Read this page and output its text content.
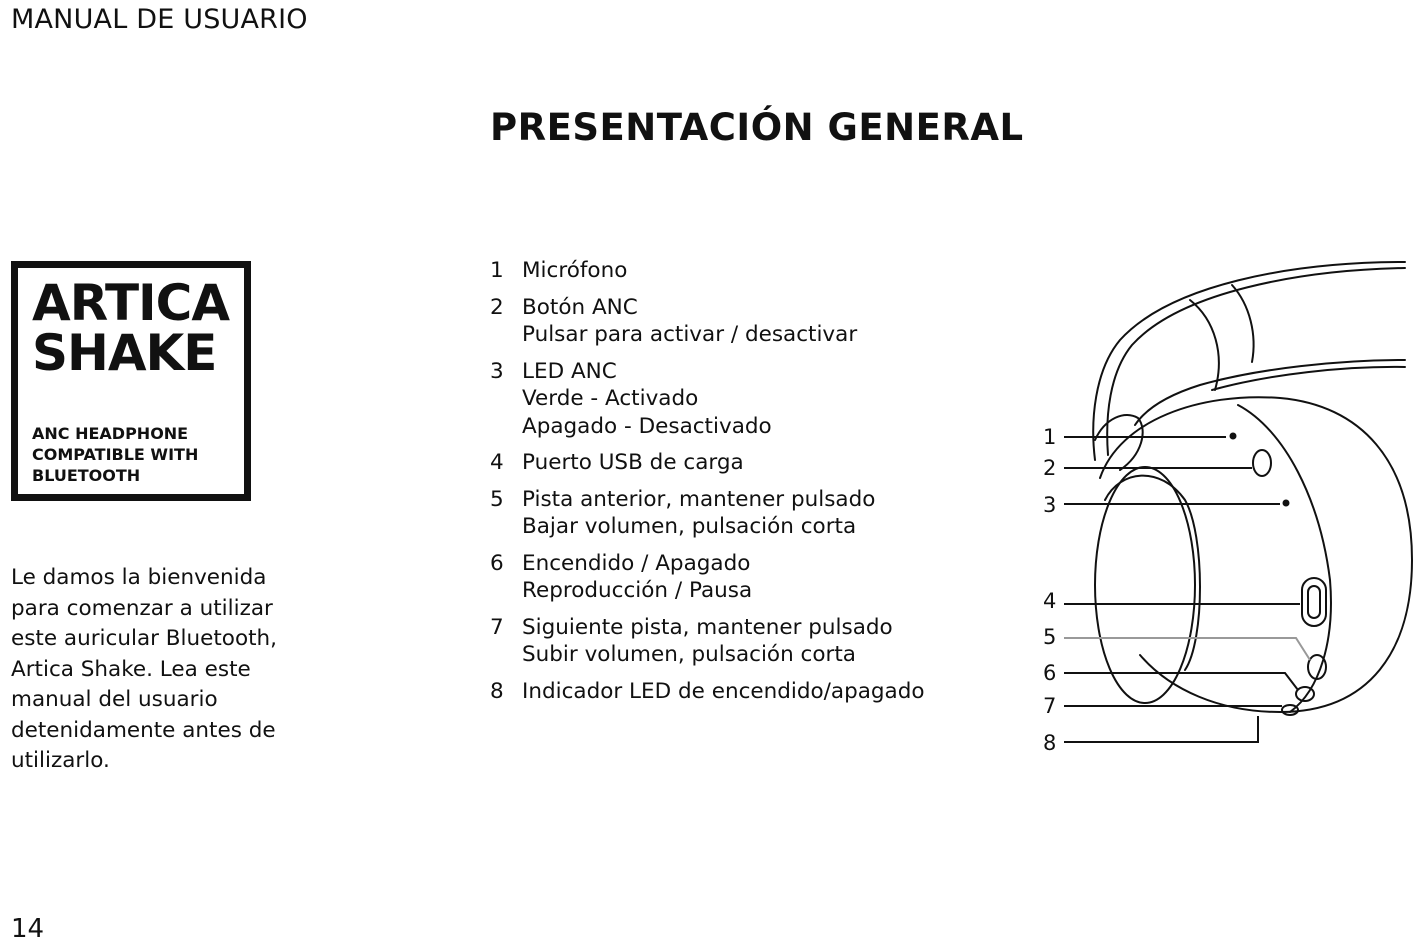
MANUAL DE USUARIO
PRESENTACIÓN GENERAL
ARTICA
SHAKE
ANC HEADPHONE
COMPATIBLE WITH
BLUETOOTH
Le damos la bienvenida
para comenzar a utilizar
este auricular Bluetooth,
Artica Shake. Lea este
manual del usuario
detenidamente antes de
utilizarlo.
1 Micrófono
2 Botón ANC
Pulsar para activar / desactivar
3 LED ANC
Verde - Activado
Apagado - Desactivado
4 Puerto USB de carga
5 Pista anterior, mantener pulsado
Bajar volumen, pulsación corta
6 Encendido / Apagado
Reproducción / Pausa
7 Siguiente pista, mantener pulsado
Subir volumen, pulsación corta
8 Indicador LED de encendido/apagado
1
2
3
4
5
6
7
8
14
